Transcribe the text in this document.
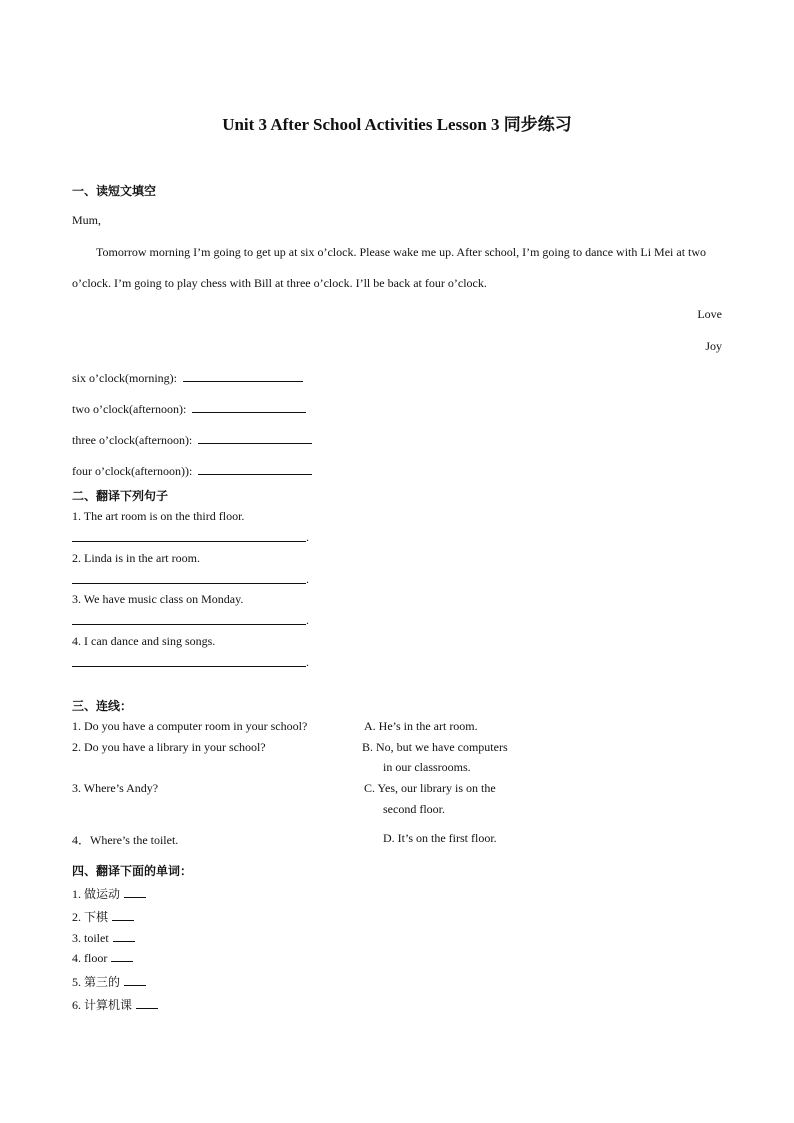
Unit 3 After School Activities Lesson 3 同步练习
一、读短文填空
Mum,
Tomorrow morning I’m going to get up at six o’clock. Please wake me up. After school, I’m going to dance with Li Mei at two
o’clock. I’m going to play chess with Bill at three o’clock. I’ll be back at four o’clock.
Love
Joy
six o’clock(morning):
two o’clock(afternoon):
three o’clock(afternoon):
four o’clock(afternoon)):
二、翻译下列句子
1. The art room is on the third floor.
.
2. Linda is in the art room.
.
3. We have music class on Monday.
.
4. I can dance and sing songs.
.
三、连线：
1. Do you have a computer room in your school?
2. Do you have a library in your school?
3. Where’s Andy?
4．Where’s the toilet.
A. He’s in the art room.
B. No, but we have computers
in our classrooms.
C. Yes, our library is on the
second floor.
D. It’s on the first floor.
四、翻译下面的单词：
1. 做运动
2. 下棋
3. toilet
4. floor
5. 第三的
6. 计算机课
